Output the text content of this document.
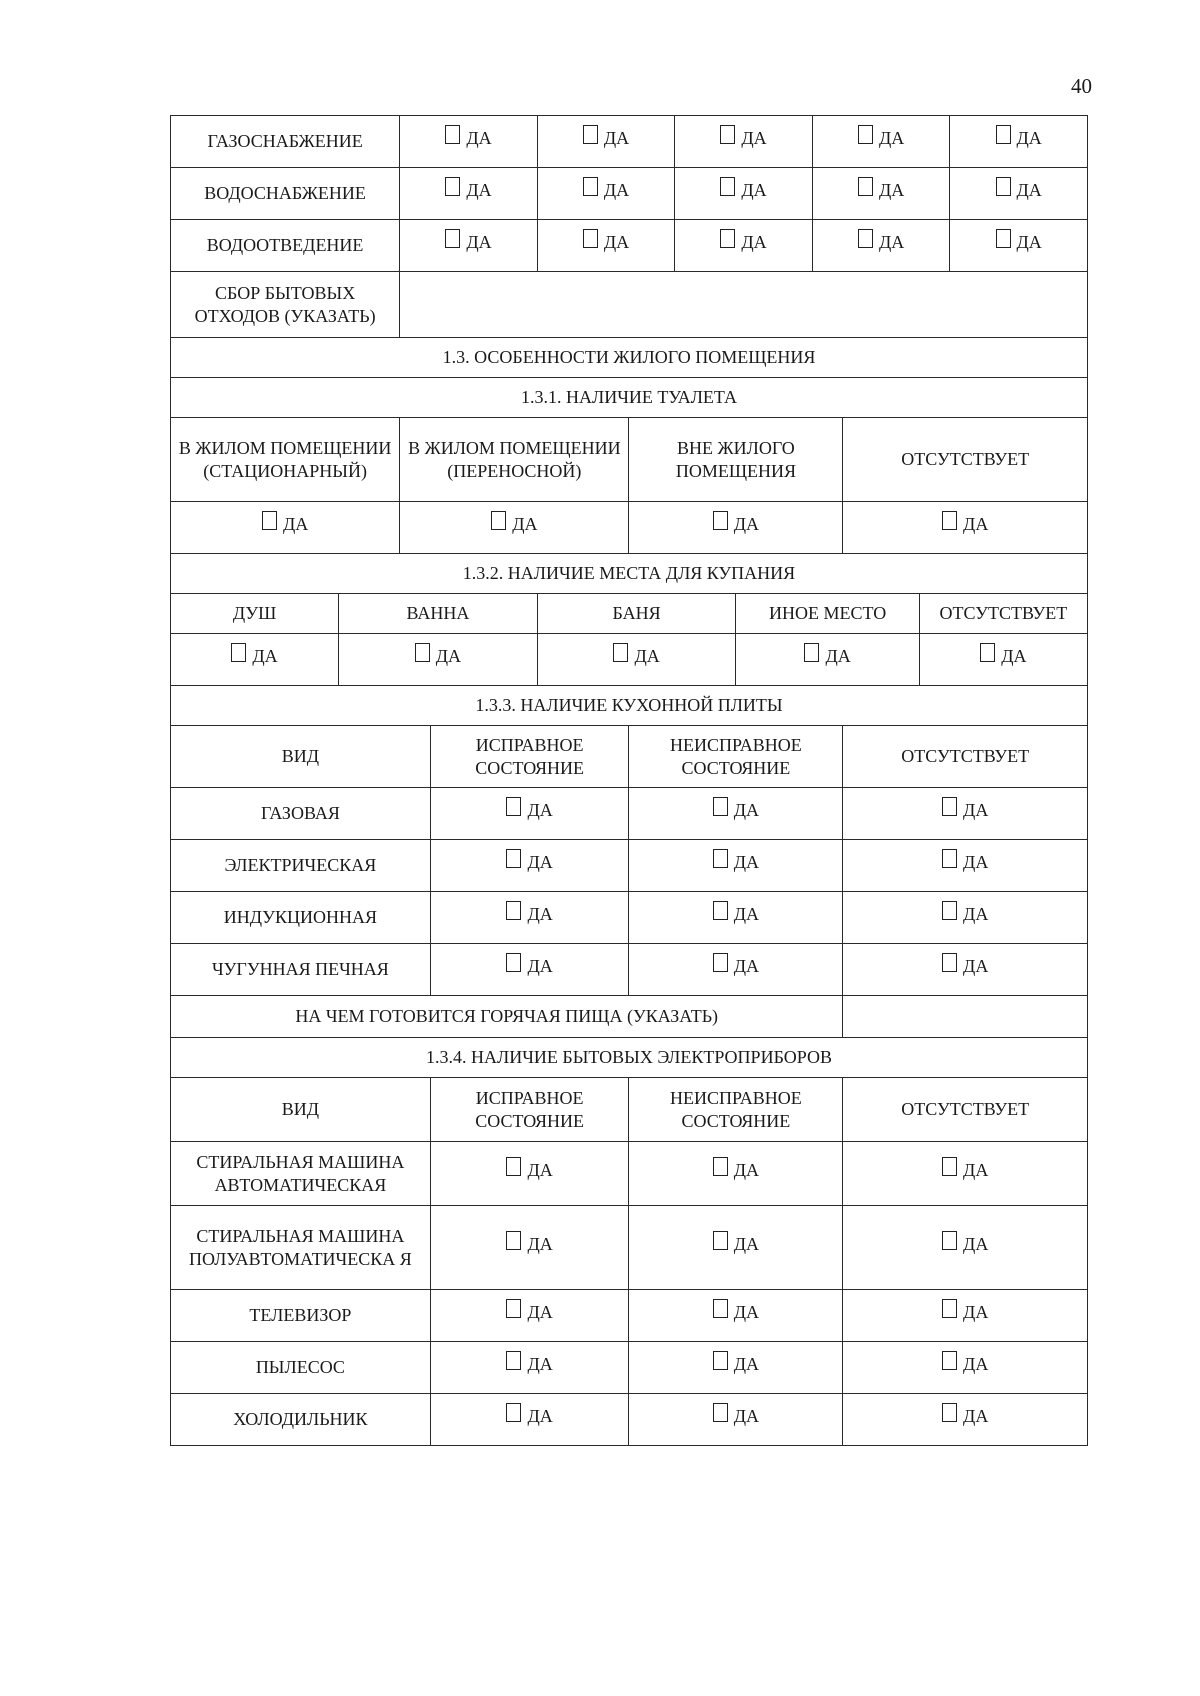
40
ГАЗОСНАБЖЕНИЕ		ДА		ДА		ДА		ДА			ДА

ВОДОСНАБЖЕНИЕ		ДА		ДА		ДА		ДА			ДА

ВОДООТВЕДЕНИЕ		ДА		ДА		ДА		ДА			ДА

СБОР БЫТОВЫХ ОТХОДОВ (УКАЗАТЬ)											
1.3. ОСОБЕННОСТИ ЖИЛОГО ПОМЕЩЕНИЯ											
1.3.1. НАЛИЧИЕ ТУАЛЕТА											
В ЖИЛОМ ПОМЕЩЕНИИ (СТАЦИОНАРНЫЙ)		В ЖИЛОМ ПОМЕЩЕНИИ (ПЕРЕНОСНОЙ)			ВНЕ ЖИЛОГО ПОМЕЩЕНИЯ				ОТСУТСТВУЕТ		

ДА		ДА			ДА				ДА		

1.3.2. НАЛИЧИЕ МЕСТА ДЛЯ КУПАНИЯ											
ДУШ	ВАННА			БАНЯ			ИНОЕ МЕСТО			ОТСУТСТВУЕТ	

ДА	ДА			ДА			ДА			ДА	

1.3.3. НАЛИЧИЕ КУХОННОЙ ПЛИТЫ											
ВИД			ИСПРАВНОЕ СОСТОЯНИЕ		НЕИСПРАВНОЕ СОСТОЯНИЕ				ОТСУТСТВУЕТ		
ГАЗОВАЯ			ДА		ДА				ДА		

ЭЛЕКТРИЧЕСКАЯ			ДА		ДА				ДА		

ИНДУКЦИОННАЯ			ДА		ДА				ДА		

ЧУГУННАЯ ПЕЧНАЯ			ДА		ДА				ДА		

НА ЧЕМ ГОТОВИТСЯ ГОРЯЧАЯ ПИЩА (УКАЗАТЬ)											
1.3.4. НАЛИЧИЕ БЫТОВЫХ ЭЛЕКТРОПРИБОРОВ											
ВИД			ИСПРАВНОЕ СОСТОЯНИЕ		НЕИСПРАВНОЕ СОСТОЯНИЕ				ОТСУТСТВУЕТ		
СТИРАЛЬНАЯ МАШИНА АВТОМАТИЧЕСКАЯ			ДА		ДА				ДА		

СТИРАЛЬНАЯ МАШИНА ПОЛУАВТОМАТИЧЕСКА Я			ДА		ДА				ДА		

ТЕЛЕВИЗОР			ДА		ДА				ДА		

ПЫЛЕСОС			ДА		ДА				ДА		

ХОЛОДИЛЬНИК			ДА		ДА				ДА		
